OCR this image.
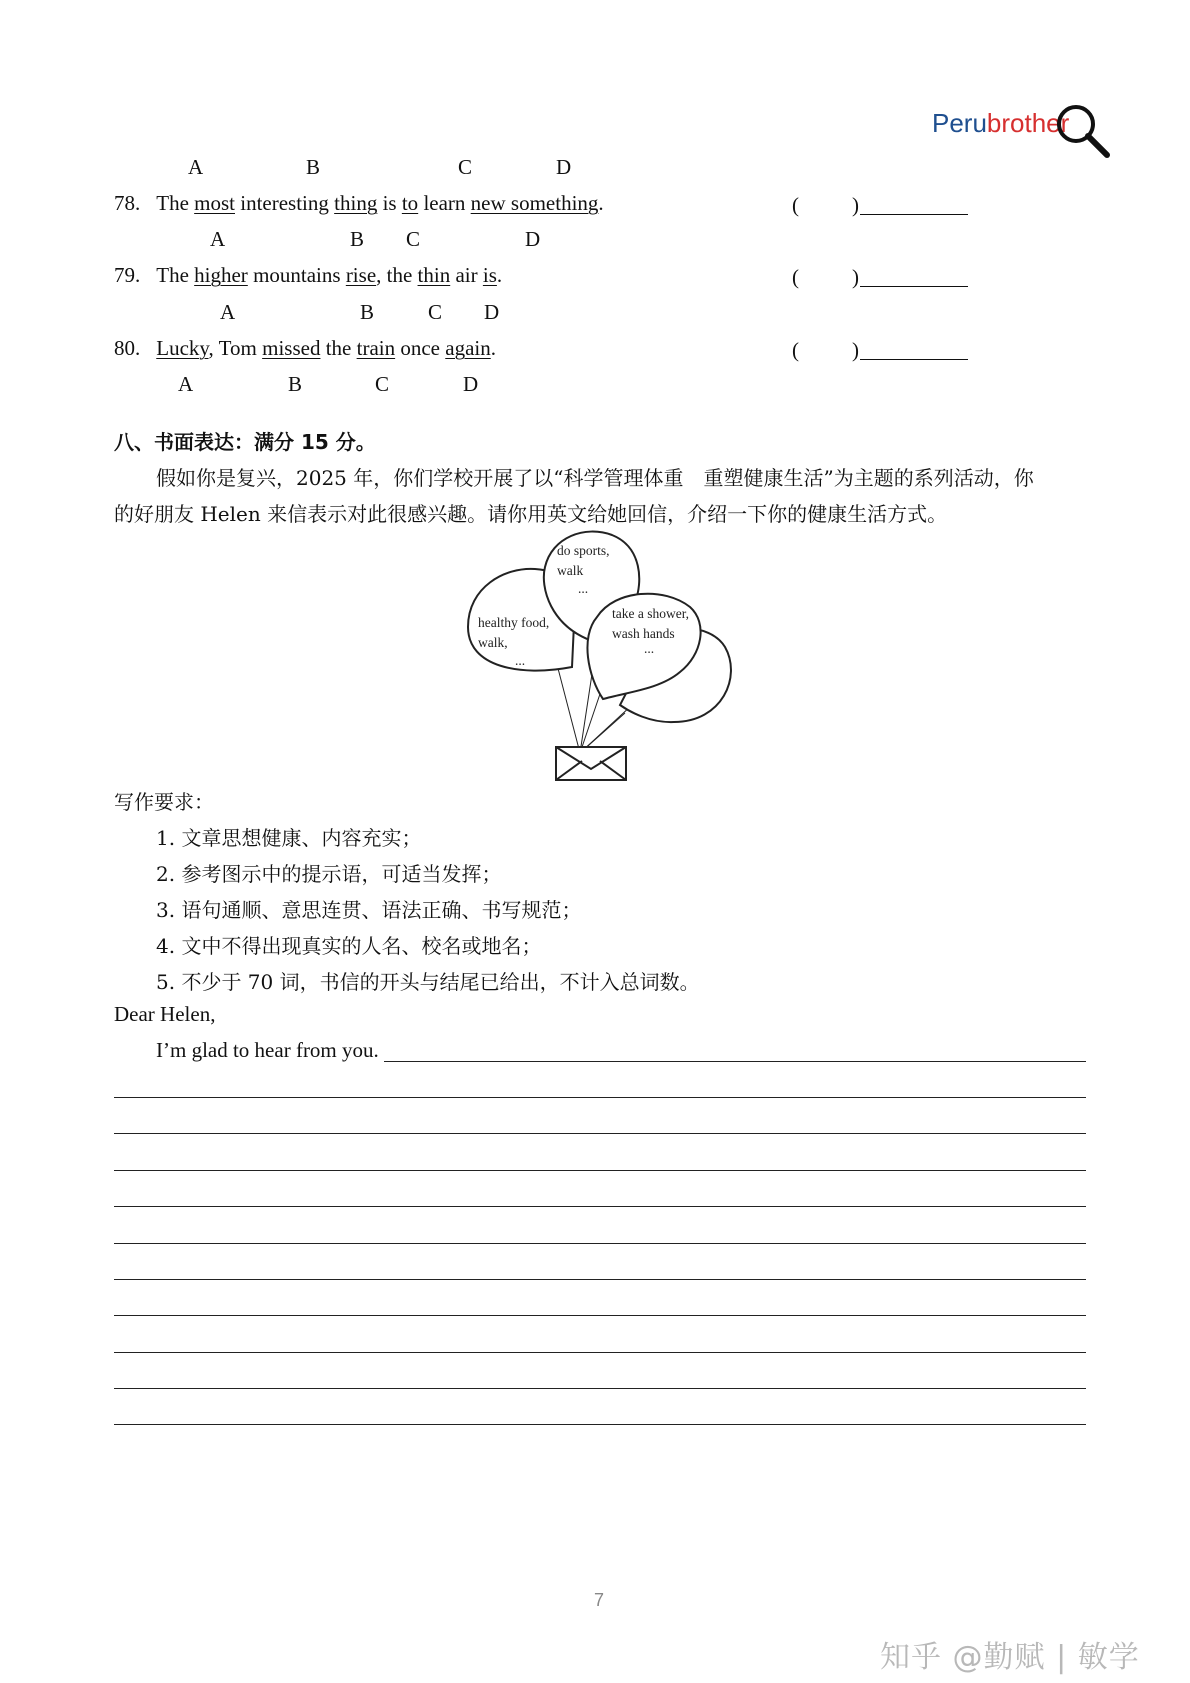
Perubrother
A	B	C	D
78. The most interesting thing is to learn new something.	(	)
A	B C	D
79. The higher mountains rise, the thin air is.	(	)
A	B	C D
80. Lucky, Tom missed the train once again.	(	)
A	B	C	D
八、书面表达：满分 15 分。
假如你是复兴，2025 年，你们学校开展了以“科学管理体重　重塑健康生活”为主题的系列活动，你
的好朋友 Helen 来信表示对此很感兴趣。请你用英文给她回信，介绍一下你的健康生活方式。
do sports,
walk
...
healthy food,
walk,
...
take a shower,
wash hands
...
写作要求：
1. 文章思想健康、内容充实；
2. 参考图示中的提示语，可适当发挥；
3. 语句通顺、意思连贯、语法正确、书写规范；
4. 文中不得出现真实的人名、校名或地名；
5. 不少于 70 词，书信的开头与结尾已给出，不计入总词数。
Dear Helen,
I’m glad to hear from you.
7
知乎 @勤赋 | 敏学
